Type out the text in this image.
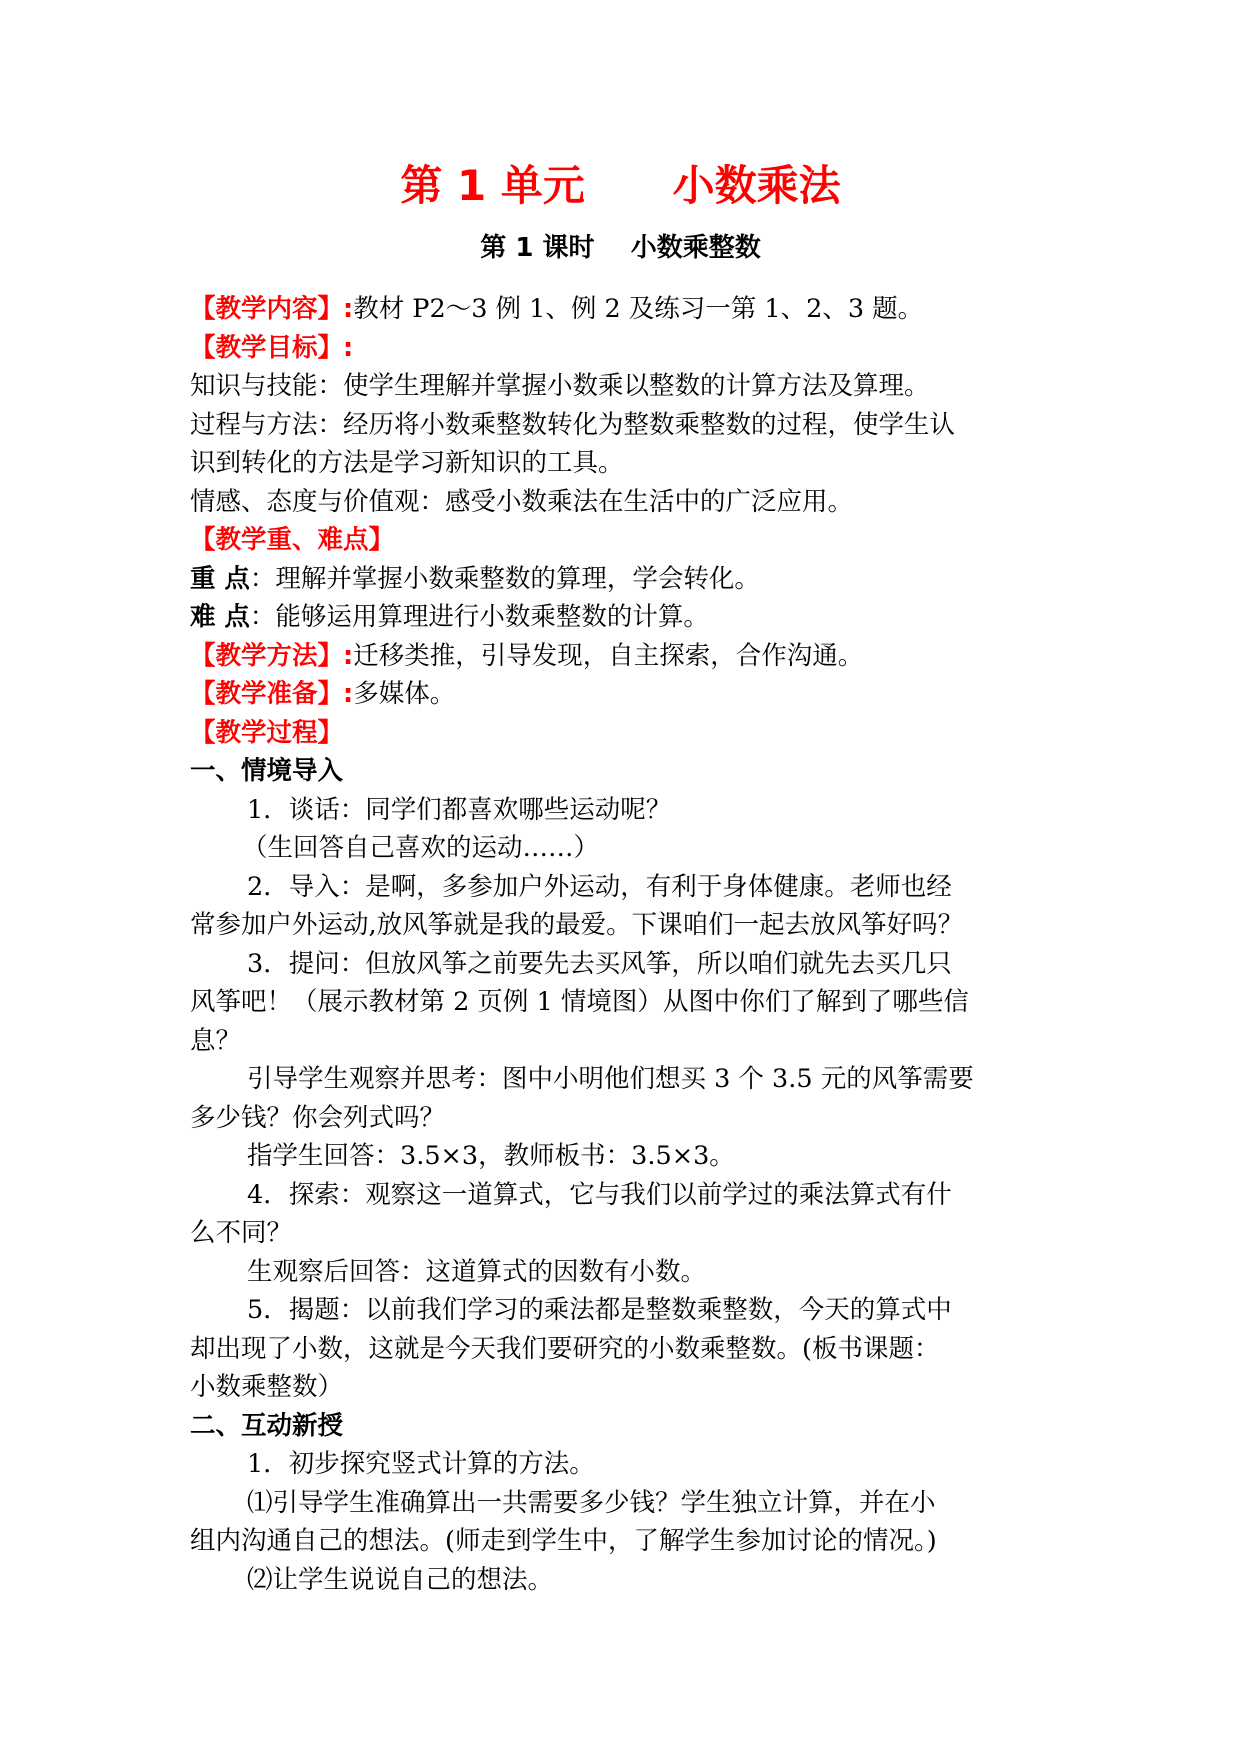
第 1 单元      小数乘法
第 1 课时    小数乘整数
【教学内容】:教材 P2～3 例 1、例 2 及练习一第 1、2、3 题。
【教学目标】:
知识与技能：使学生理解并掌握小数乘以整数的计算方法及算理。
过程与方法：经历将小数乘整数转化为整数乘整数的过程，使学生认
识到转化的方法是学习新知识的工具。
情感、态度与价值观：感受小数乘法在生活中的广泛应用。
【教学重、难点】
重 点：理解并掌握小数乘整数的算理，学会转化。
难 点：能够运用算理进行小数乘整数的计算。
【教学方法】:迁移类推，引导发现，自主探索，合作沟通。
【教学准备】:多媒体。
【教学过程】
一、情境导入
1．谈话：同学们都喜欢哪些运动呢？
（生回答自己喜欢的运动……）
2．导入：是啊，多参加户外运动，有利于身体健康。老师也经
常参加户外运动,放风筝就是我的最爱。下课咱们一起去放风筝好吗？
3．提问：但放风筝之前要先去买风筝，所以咱们就先去买几只
风筝吧！（展示教材第 2 页例 1 情境图）从图中你们了解到了哪些信
息？
引导学生观察并思考：图中小明他们想买 3 个 3.5 元的风筝需要
多少钱？你会列式吗？
指学生回答：3.5×3，教师板书：3.5×3。
4．探索：观察这一道算式，它与我们以前学过的乘法算式有什
么不同？
生观察后回答：这道算式的因数有小数。
5．揭题：以前我们学习的乘法都是整数乘整数，今天的算式中
却出现了小数，这就是今天我们要研究的小数乘整数。(板书课题：
小数乘整数）
二、互动新授
1．初步探究竖式计算的方法。
⑴引导学生准确算出一共需要多少钱？学生独立计算，并在小
组内沟通自己的想法。(师走到学生中，了解学生参加讨论的情况。)
⑵让学生说说自己的想法。
